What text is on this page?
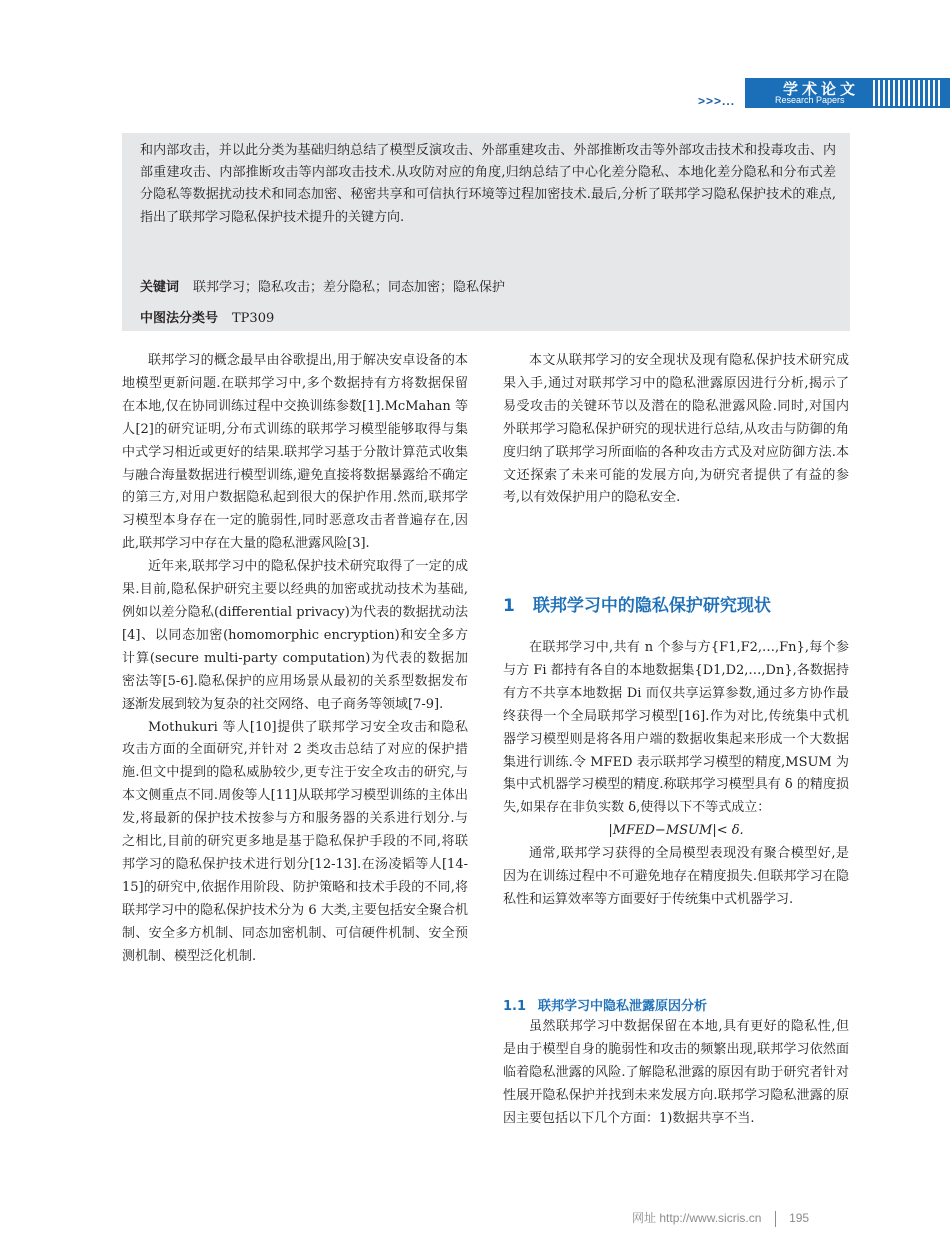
>>>...
学术论文
Research Papers
和内部攻击，并以此分类为基础归纳总结了模型反演攻击、外部重建攻击、外部推断攻击等外部攻击技术和投毒攻击、内部重建攻击、内部推断攻击等内部攻击技术.从攻防对应的角度,归纳总结了中心化差分隐私、本地化差分隐私和分布式差分隐私等数据扰动技术和同态加密、秘密共享和可信执行环境等过程加密技术.最后,分析了联邦学习隐私保护技术的难点,指出了联邦学习隐私保护技术提升的关键方向.
关键词 联邦学习；隐私攻击；差分隐私；同态加密；隐私保护
中图法分类号 TP309

联邦学习的概念最早由谷歌提出,用于解决安卓设备的本地模型更新问题.在联邦学习中,多个数据持有方将数据保留在本地,仅在协同训练过程中交换训练参数[1].McMahan 等人[2]的研究证明,分布式训练的联邦学习模型能够取得与集中式学习相近或更好的结果.联邦学习基于分散计算范式收集与融合海量数据进行模型训练,避免直接将数据暴露给不确定的第三方,对用户数据隐私起到很大的保护作用.然而,联邦学习模型本身存在一定的脆弱性,同时恶意攻击者普遍存在,因此,联邦学习中存在大量的隐私泄露风险[3].

近年来,联邦学习中的隐私保护技术研究取得了一定的成果.目前,隐私保护研究主要以经典的加密或扰动技术为基础,例如以差分隐私(differential privacy)为代表的数据扰动法[4]、以同态加密(homomorphic encryption)和安全多方计算(secure multi-party computation)为代表的数据加密法等[5-6].隐私保护的应用场景从最初的关系型数据发布逐渐发展到较为复杂的社交网络、电子商务等领域[7-9].

Mothukuri 等人[10]提供了联邦学习安全攻击和隐私攻击方面的全面研究,并针对 2 类攻击总结了对应的保护措施.但文中提到的隐私威胁较少,更专注于安全攻击的研究,与本文侧重点不同.周俊等人[11]从联邦学习模型训练的主体出发,将最新的保护技术按参与方和服务器的关系进行划分.与之相比,目前的研究更多地是基于隐私保护手段的不同,将联邦学习的隐私保护技术进行划分[12-13].在汤凌韬等人[14-15]的研究中,依据作用阶段、防护策略和技术手段的不同,将联邦学习中的隐私保护技术分为 6 大类,主要包括安全聚合机制、安全多方机制、同态加密机制、可信硬件机制、安全预测机制、模型泛化机制.

本文从联邦学习的安全现状及现有隐私保护技术研究成果入手,通过对联邦学习中的隐私泄露原因进行分析,揭示了易受攻击的关键环节以及潜在的隐私泄露风险.同时,对国内外联邦学习隐私保护研究的现状进行总结,从攻击与防御的角度归纳了联邦学习所面临的各种攻击方式及对应防御方法.本文还探索了未来可能的发展方向,为研究者提供了有益的参考,以有效保护用户的隐私安全.

1 联邦学习中的隐私保护研究现状

在联邦学习中,共有 n 个参与方{F1,F2,…,Fn},每个参与方 Fi 都持有各自的本地数据集{D1,D2,…,Dn},各数据持有方不共享本地数据 Di 而仅共享运算参数,通过多方协作最终获得一个全局联邦学习模型[16].作为对比,传统集中式机器学习模型则是将各用户端的数据收集起来形成一个大数据集进行训练.令 MFED 表示联邦学习模型的精度,MSUM 为集中式机器学习模型的精度.称联邦学习模型具有 δ 的精度损失,如果存在非负实数 δ,使得以下不等式成立：

|MFED−MSUM|< δ.

通常,联邦学习获得的全局模型表现没有聚合模型好,是因为在训练过程中不可避免地存在精度损失.但联邦学习在隐私性和运算效率等方面要好于传统集中式机器学习.

1.1 联邦学习中隐私泄露原因分析

虽然联邦学习中数据保留在本地,具有更好的隐私性,但是由于模型自身的脆弱性和攻击的频繁出现,联邦学习依然面临着隐私泄露的风险.了解隐私泄露的原因有助于研究者针对性展开隐私保护并找到未来发展方向.联邦学习隐私泄露的原因主要包括以下几个方面：1)数据共享不当.

网址 http://www.sicris.cn 195
